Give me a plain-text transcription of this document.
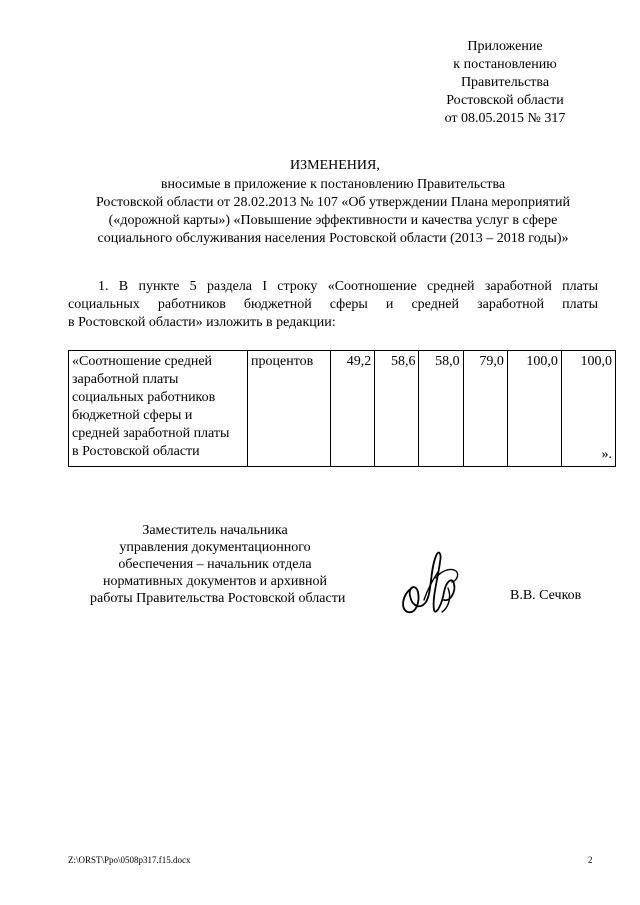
Приложение
к постановлению
Правительства
Ростовской области
от 08.05.2015 № 317
ИЗМЕНЕНИЯ,
вносимые в приложение к постановлению Правительства
Ростовской области от 28.02.2013 № 107 «Об утверждении Плана мероприятий
(«дорожной карты») «Повышение эффективности и качества услуг в сфере
социального обслуживания населения Ростовской области (2013 – 2018 годы)»
1. В пункте 5 раздела I строку «Соотношение средней заработной платы
социальных работников бюджетной сферы и средней заработной платы
в Ростовской области» изложить в редакции:
«Соотношение средней
заработной платы
социальных работников
бюджетной сферы и
средней заработной платы
в Ростовской области
	процентов	49,2	58,6	58,0	79,0	100,0	100,0
».
Заместитель начальника
управления документационного
обеспечения – начальник отдела
нормативных документов и архивной
работы Правительства Ростовской области	В.В. Сечков
Z:\ORST\Ppo\0508p317.f15.docx	2
